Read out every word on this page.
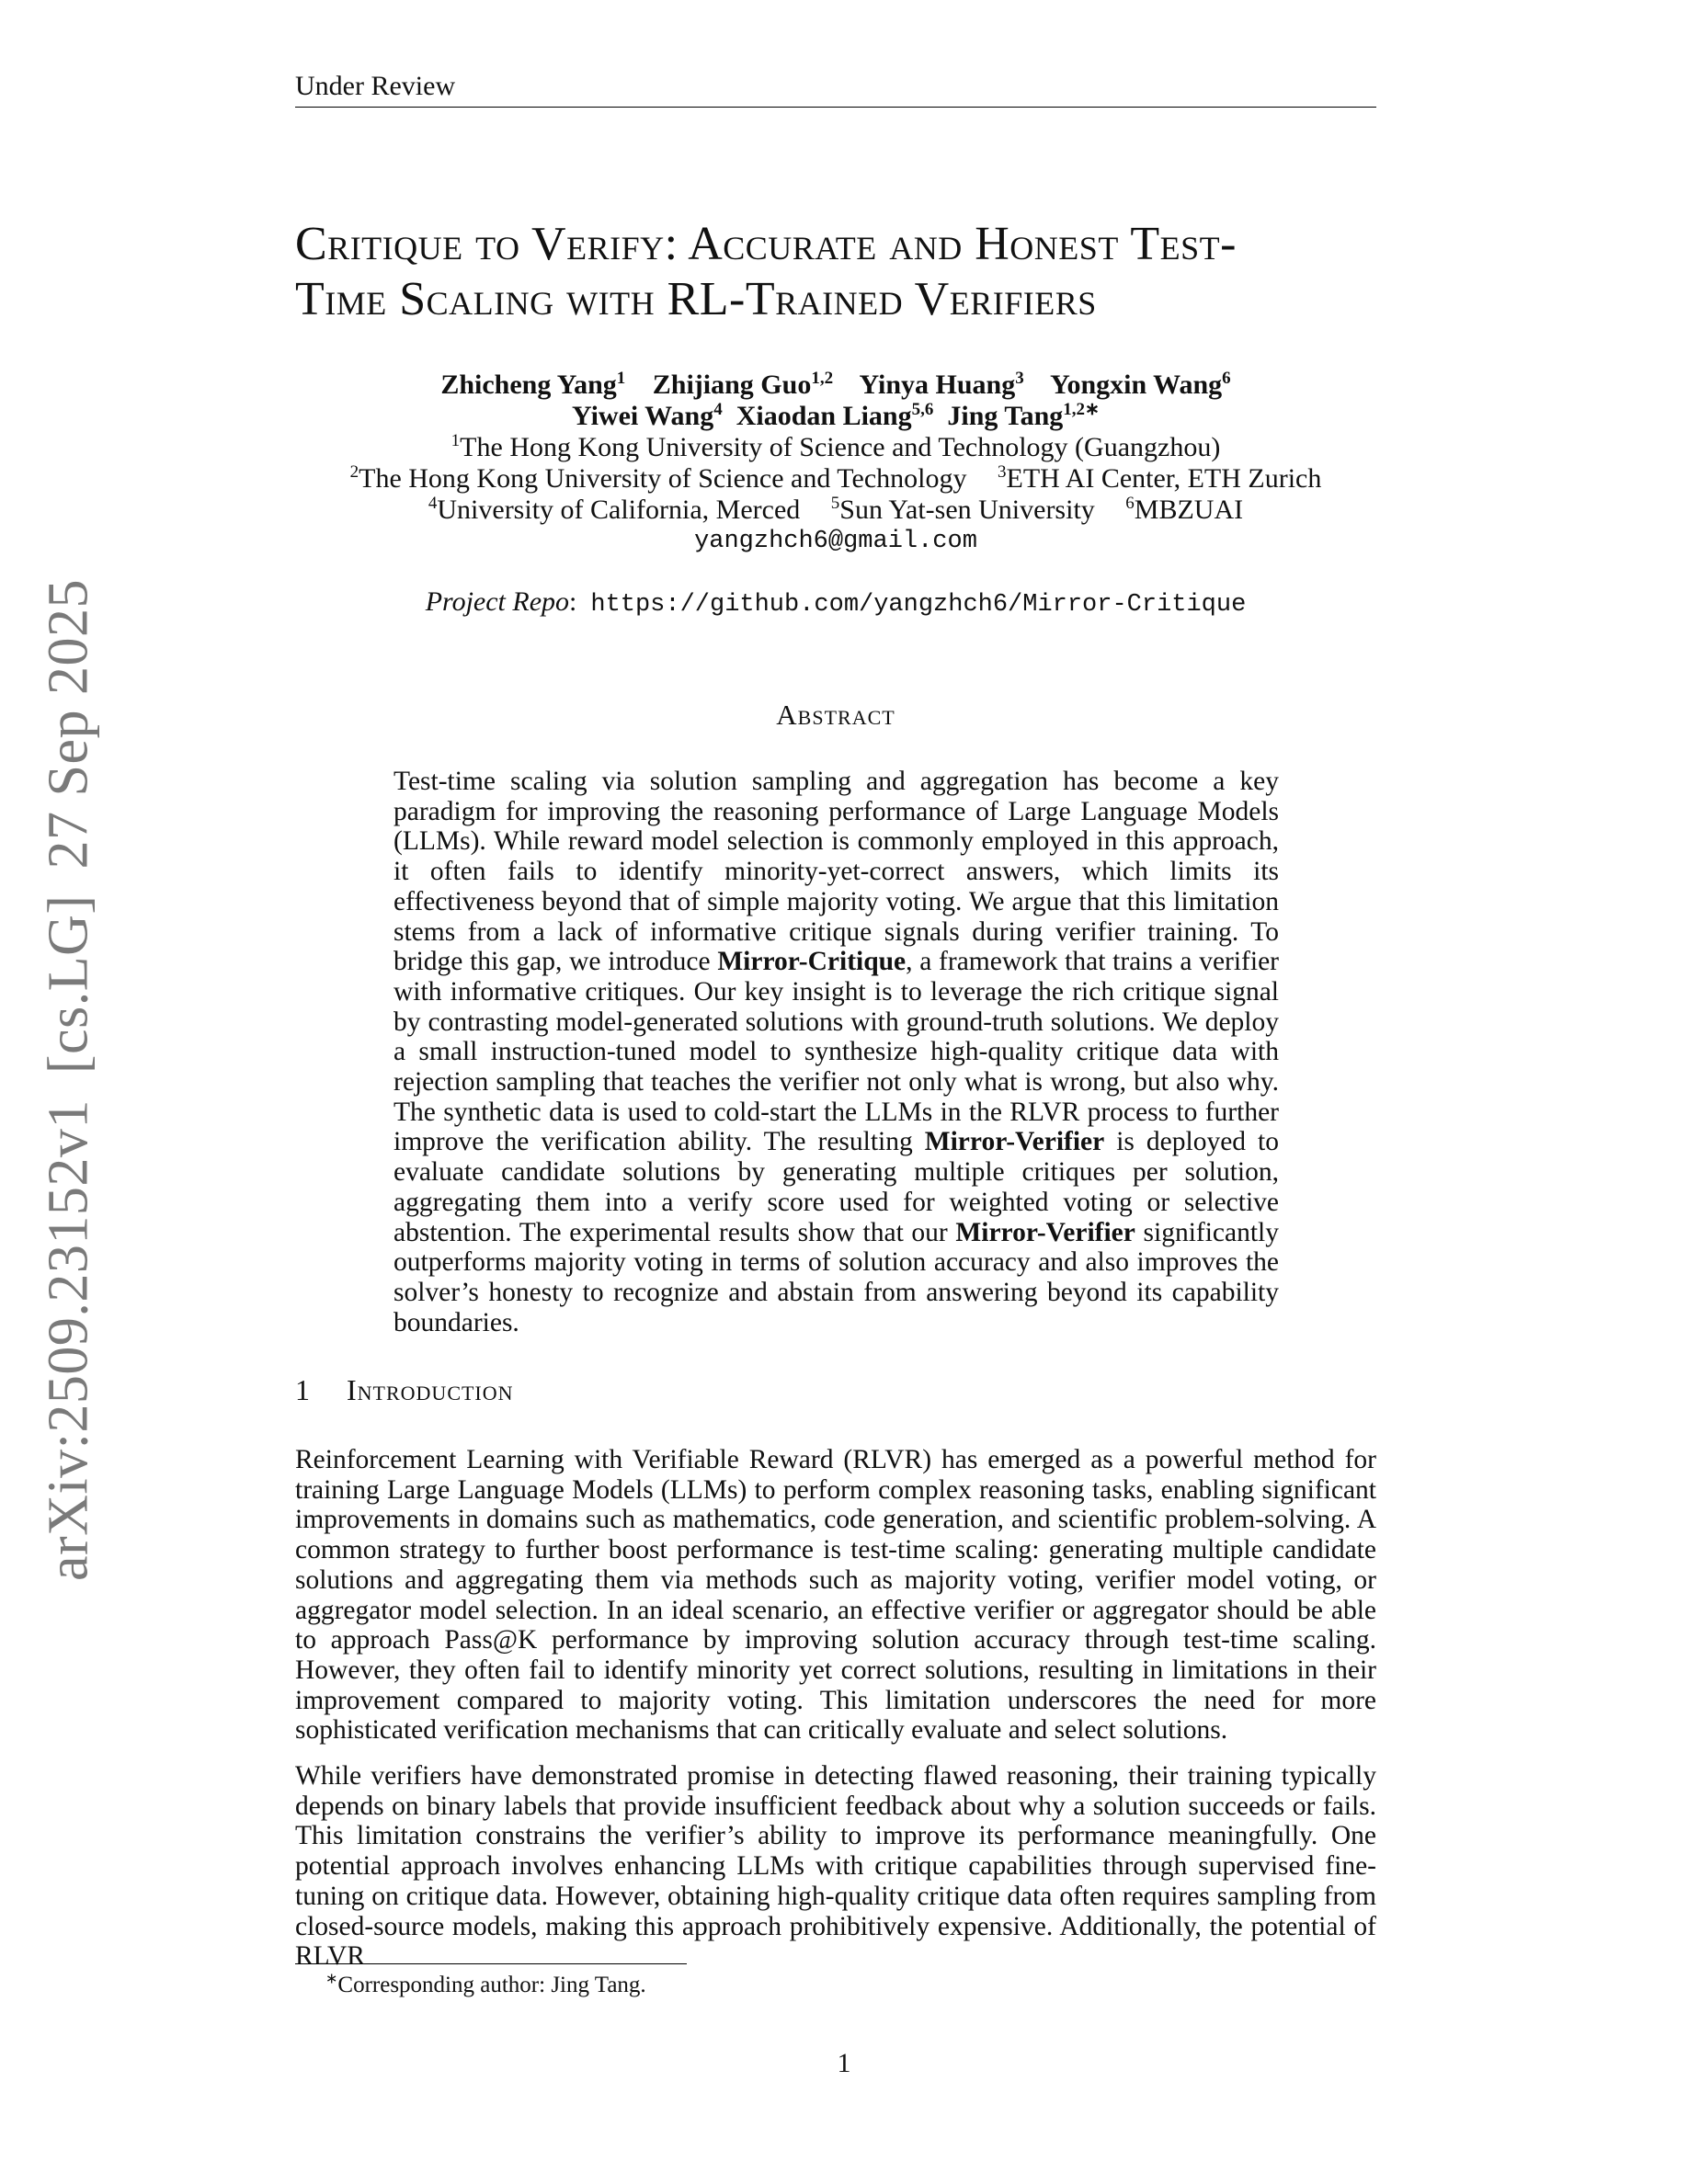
Under Review
Critique to Verify: Accurate and Honest Test-
Time Scaling with RL-Trained Verifiers
Zhicheng Yang$^1$ Zhijiang Guo$^{1,2}$ Yinya Huang$^3$ Yongxin Wang$^6$
Yiwei Wang$^4$ Xiaodan Liang$^{5,6}$ Jing Tang$^{1,2∗}$
$^1$The Hong Kong University of Science and Technology (Guangzhou)
$^2$The Hong Kong University of Science and Technology $^3$ETH AI Center, ETH Zurich
$^4$University of California, Merced $^5$Sun Yat-sen University $^6$MBZUAI
yangzhch6@gmail.com
Project Repo:  https://github.com/yangzhch6/Mirror-Critique
Abstract
Test-time scaling via solution sampling and aggregation has become a key paradigm for improving the reasoning performance of Large Language Models (LLMs). While reward model selection is commonly employed in this approach, it often fails to identify minority-yet-correct answers, which limits its effectiveness beyond that of simple majority voting. We argue that this limitation stems from a lack of informative critique signals during verifier training. To bridge this gap, we introduce Mirror-Critique, a framework that trains a verifier with informative critiques. Our key insight is to leverage the rich critique signal by contrasting model-generated solutions with ground-truth solutions. We deploy a small instruction-tuned model to synthesize high-quality critique data with rejection sampling that teaches the verifier not only what is wrong, but also why. The synthetic data is used to cold-start the LLMs in the RLVR process to further improve the verification ability. The resulting Mirror-Verifier is deployed to evaluate candidate solutions by generating multiple critiques per solution, aggregating them into a verify score used for weighted voting or selective abstention. The experimental results show that our Mirror-Verifier significantly outperforms majority voting in terms of solution accuracy and also improves the solver’s honesty to recognize and abstain from answering beyond its capability boundaries.
1 Introduction
Reinforcement Learning with Verifiable Reward (RLVR) has emerged as a powerful method for training Large Language Models (LLMs) to perform complex reasoning tasks, enabling significant improvements in domains such as mathematics, code generation, and scientific problem-solving. A common strategy to further boost performance is test-time scaling: generating multiple candidate solutions and aggregating them via methods such as majority voting, verifier model voting, or aggregator model selection. In an ideal scenario, an effective verifier or aggregator should be able to approach Pass@K performance by improving solution accuracy through test-time scaling. However, they often fail to identify minority yet correct solutions, resulting in limitations in their improvement compared to majority voting. This limitation underscores the need for more sophisticated verification mechanisms that can critically evaluate and select solutions.
While verifiers have demonstrated promise in detecting flawed reasoning, their training typically depends on binary labels that provide insufficient feedback about why a solution succeeds or fails. This limitation constrains the verifier’s ability to improve its performance meaningfully. One potential approach involves enhancing LLMs with critique capabilities through supervised fine-tuning on critique data. However, obtaining high-quality critique data often requires sampling from closed-source models, making this approach prohibitively expensive. Additionally, the potential of RLVR
∗Corresponding author: Jing Tang.
1
arXiv:2509.23152v1[cs.LG]27 Sep 2025
